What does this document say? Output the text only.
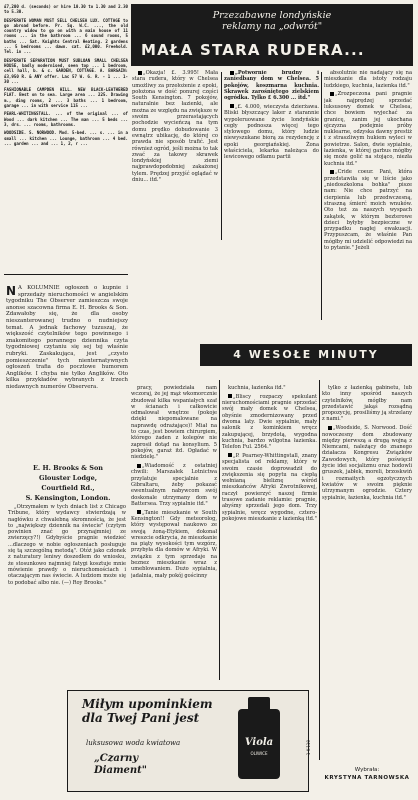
£7,200 d. (seconds) or hire 10.30 to 1.30 and 2.30 to 5.30.

DESPERATE WOMAN MUST SELL CHELSEA LUX. COTTAGE to go abroad before. Pr. Sq. W.C. ..., the old country widow to go on with a main house of 11 rooms ... in the bathroom ... 6 sound rooms, 5 baths ... Sat. Knights Central Heating. 2 gardens ... 5 bedrooms ... dawn. cat. £2,000. Freehold. Tel. in ...

DESPERATE SEPARATION MUST SUBLOAN SMALL CHELSEA HOUSE, badly modernised, seen top ... 1 bedroom, cell hall, b. & c. GARDEN, COTTAGE. A. BARGAIN: £3,950 R. & ANY offer. Lac 57 W. G. R. - 1 ... 1-30 ...

FASHIONABLE CAMPDEN HILL. NEW BLACK-LEATHERED FLAT. Best on to sea. Large area ... 225. Drawing m., ding rooms, 2 ... 3 baths ... 1 bedroom, garage ... in with service 115 ...

PEARL-WHITINGSTALL. ... of the original ... of Wood ... dark kitchen ... The man ... 5 beds ... 3, drs. ... rooms, bathrooms.

WOODSIDE. S. NORWOOD. Mod. 5-bed. ... s. ... in a small ... kitchen ... Lounge, bathroom ... 4 bed. ... garden ... and ... 1, 2, r ...

Przezabawne londyńskie
reklamy na „odwrót"
MAŁA STARA RUDERA...

„Okazja! £. 3.995! Mała stara rudera, który w Chelsea umożliwy za przełożenie z epoki, położona w dość ponurej części South Kensington. 7 pokojów, naturalnie bez łazienki, ale można ze względu na zwiększe w swoim przerastających pochodzie wycieńczą na tym domu prędko dobudowanie 3 ewnątrz ubikację, do której co prawda nie sposób trafić. Jest również ogród, jeśli można to tak zwać za takowy skrawek londyńskiej ziemi najprawdopodobniej zakażonej tylem. Prędzej przyjść oglądać w dniu... itd."

„Potwornie brudny i zaniedbany dom w Chelsea. 5 pokojów, koszmarna kuchnia. Skrawek zarośniętego zielskiem ogródka. Tylko £ 6.300 ... itd."

„£. 4.000, wieczysta dzierżawa. Bliski błyszczący laker z starannie wypoleruowane życie londyńskie cegły podnosza więcej tego stylowego domu, który ludzie niewyszukane biorą za rezydencję z epoki georgiańskiej. Żona właściciela, lekarka należąca do lewicowego odłamu partii

absolutnie nie nadający się na mieszkanie dla istoty rodzaju ludzkiego, kuchnia, łazienka itd."

„Zrozpeczona pani pragnie jak najprędzej sprzedać luksusowy domek w Chelsea, chce bowiem wyjechać za granicę, zanim jej ukochana ojczyzna podejmie próby nuklearne, odzyska dawny prestiż i z straszliwym hukiem wyleci w powietrze. Salon, dwie sypialnie, łazienka, w której garbus mógłby się może golić na stojąco, niezła kuchnia itd."

„Cride coeur. Pani, która przedstawiła się w liście jako „niedoszkolona bohka" pisze nam: Nie chce patrzyć na cierpienia lub przedwczesną, straszną śmierć moich wnuków. Oto też za naszych wyspach zakątek, w którym bezterowe dzieci byłyby bezpieczne w przypadku nagłej ewakuacji. Przypuszcam, że właśnie Pan mógłby mi udzielić odpowiedzi na to pytanie." Jeżeli

N A KOLUMNIE ogłoszeń o kupnie i sprzedaży nieruchomości w angielskim tygodniku The Observer zamieszcza swoje anonse szacowna firma E. H. Brooks & Son. Zdawałoby się, że dla osoby nieszanterowanej trudno o nudniejszy temat. A jednak fachowy tuzuszaj, że większość czytelników tego powinnego i znakomitego porannego dziennika czyta tygodniowej czytaniu się sej tej właśnie rubryki. Zaskakująca, jest „czysto pomieszczenie" tych nienternatywnych ogłoszeń trafia do pocztowe humorem Anglików. I chyba nie tylko Anglików. Oto kilka przykładów wybranych z trzech niedawnych numerów Observera.
E. H. Brooks & Son
Glouster Lodge,
Courtfield Rd.,
S. Kensington, London.

„Otrzymałem w tych dniach list z Chicago Tribune, który wydawcy stwierdzają w nagłówku z chwalebną skromnością, że jest to „największy dziennik na świecie" (czytym powinien znać go przynajmniej ze zwierzęcy?!) Gdybyście pragnie wiedzieć ...dlaczego w nobie ogłoszeniach posługuje się tą szczególną metodą". Otóż jako członek z naturatury leniwy doszedłem do wniosku, że stosunkowo najmniej fatygi kosztuje mnie mówienie prawdy o nieruchomościach i otaczającym nas świecie. A ludziom może się to podobać albo nie. (—) Roy Brooks."

4 WESOŁE MINUTY

pracy, powiedziała nam wczoraj, że jej mąż wkomorcznie zbudował kilka wspaniałych szaf w ścianach i całkowicie odmalował wnętrze (pokoje dzięki niepomalowane na naprawdę odrażające)! Miał na to czas, jest bowiem chirurgiem, którego żaden z kolegów nie zaprosił dotąd na konsylium. 5 pokojów, garaż itd. Ogładać w niedzielę."

„Wiadomość z ostatniej chwili: Marszałek Lotnictwa przylatuje specjalnie z Gibraltaru, żeby pokazać ewentualnym nabywcom swój doskonale utrzymany dom w Battersea. Trzy sypialnie itd."

„Tanie mieszkanie w South Kensington!! Gdy meteorolog, który występował naukowo ze swoją żoną-Etykiem, dokonał wreszcie odkrycia, że mieszkanie na piąty wysokości tym wzgórz, przybyła dla domów w Afryki. W związku z tym sprzedaje na beznez mieszkanie wraz z umeblowaniem. Dużo sypialnia, jadalnia, mały pokój gościnny

kuchnia, łazienka itd."

„Bliscy rozpaczy spekulant nieruchomościami pragnie sprzedać swój mały domek w Chelsea, obyśnie zmodernizowany przed dwoma laty. Dwie sypialnie, mały salonik z kominkiem wręcz zakupującej, brzydotą, wygodna kuchnia, bardzo wilgotna łazienka. Telefon Ful. 2564."

„P. Pearney-Whittingstall, znany specjalista od reklamy, który w swoim czasie doprowadził do zwiększenia się popytu na ciepłą wełnianą bieliznę wśród mieszkańców Afryki Zwrotnikowej, raczył powierzyć naszej firmie trasowe zadanie reklamie: pragnie, abyśmy sprzedali jego dom. Trzy sypialnie, wręcz wygodne, cztero-pokojowe mieszkanie z łazienką itd."

tylko z łazienką gabinetu, lub kto inny spośród naszych czytelników, mógłby nam przedstawić jakąś rozsądną propozycję, prosiliśmy ją strzelany z nami."

„Woodside, S. Norwood. Dość nowoczesny dom zbudowany między pierwszą a drugą wojną z Niemcami, należący do znanego działacza Kongresu Związków Zawodowych, który poświęcił życie idei socjalizmu oraz hodowli gruszek, jabłek, moreli, brzoskwiń i rozmaitych egzotycznych kwiatów w swoim pięknie utrzymanym ogrodzie. Cztery sypialnie, łazienka, kuchnia itd."

Miłym upominkiem dla Twej Pani jest
luksusowa woda kwiatowa
„Czarny Diament"
Viola
OLIWICE	1 K-110
Wybrała:
KRYSTYNA TARNOWSKA
